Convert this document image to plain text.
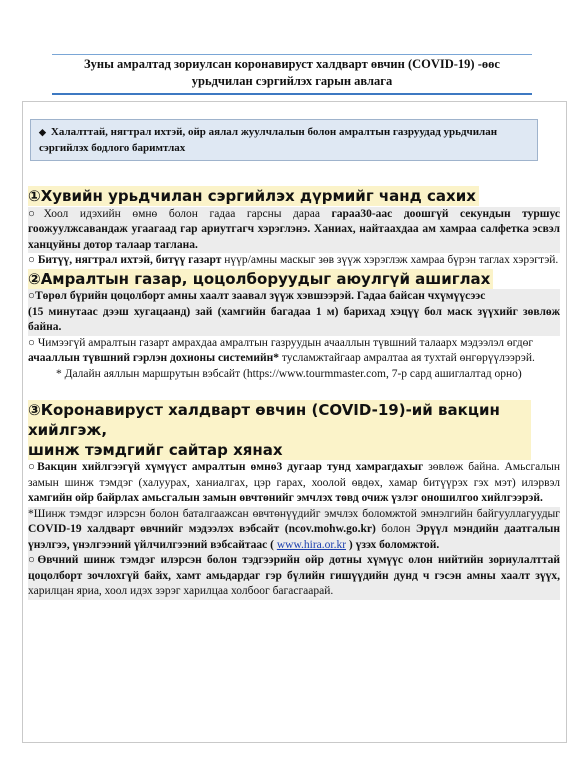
Зуны амралтад зориулсан коронавируст халдварт өвчин (COVID-19) -өөс
урьдчилан сэргийлэх гарын авлага
◆ Халалттай, нягтрал ихтэй, ойр аялал жуулчлалын болон амралтын газруудад урьдчилан сэргийлэх бодлого баримтлах
①Хувийн урьдчилан сэргийлэх дүрмийг чанд сахих

○Хоол идэхийн өмнө болон гадаа гарсны дараа гараа30-аас доошгүй секундын туршус гоожуулжсавандаж угаагаад гар ариутгагч хэрэглэнэ. Ханиах, найтаахдаа ам хамраа салфетка эсвэл ханцуйны дотор талаар таглана.

○ Битүү, нягтрал ихтэй, битүү газарт нүүр/амны маскыг зөв зүүж хэрэглэж хамраа бүрэн таглах хэрэгтэй.

②Амралтын газар, цоцолборуудыг аюулгүй ашиглах

○Төрөл бүрийн цоцолборт амны хаалт заавал зүүж хэвшээрэй. Гадаа байсан чхүмүүсээс

(15 минутаас дээш хугацаанд) зай (хамгийн багадаа 1 м) барихад хэцүү бол маск зүүхийг зөвлөж байна.

○ Чимээгүй амралтын газарт амрахдаа амралтын газруудын ачааллын түвшний талаарх мэдээлэл өгдөг ачааллын түвшний гэрлэн дохионы системийн* тусламжтайгаар амралтаа ая тухтай өнгөрүүлээрэй.

* Далайн аяллын маршрутын вэбсайт (https://www.tourmmaster.com, 7-р сард ашиглалтад орно)

③Коронавируст халдварт өвчин (COVID-19)-ий вакцин хийлгэж,
шинж тэмдгийг сайтар хянах

○Вакцин хийлгээгүй хүмүүст амралтын өмнө3 дугаар тунд хамрагдахыг зөвлөж байна. Амьсгалын замын шинж тэмдэг (халуурах, ханиалгах, цэр гарах, хоолой өвдөх, хамар битүүрэх гэх мэт) илэрвэл хамгийн ойр байрлах амьсгалын замын өвчтөнийг эмчлэх төвд очиж үзлэг оношилгоо хийлгээрэй.

*Шинж тэмдэг илэрсэн болон баталгаажсан өвчтөнүүдийг эмчлэх боломжтой эмнэлгийн байгууллагуудыг COVID-19 халдварт өвчнийг мэдээлэх вэбсайт (ncov.mohw.go.kr) болон Эрүүл мэндийн даатгалын үнэлгээ, үнэлгээний үйлчилгээний вэбсайтаас ( www.hira.or.kr ) үзэх боломжтой.

○Өвчний шинж тэмдэг илэрсэн болон тэдгээрийн ойр дотны хүмүүс олон нийтийн зориулалттай цоцолборт зочлохгүй байх, хамт амьдардаг гэр бүлийн гишүүдийн дунд ч гэсэн амны хаалт зүүх, харилцан яриа, хоол идэх зэрэг харилцаа холбоог багасгаарай.
